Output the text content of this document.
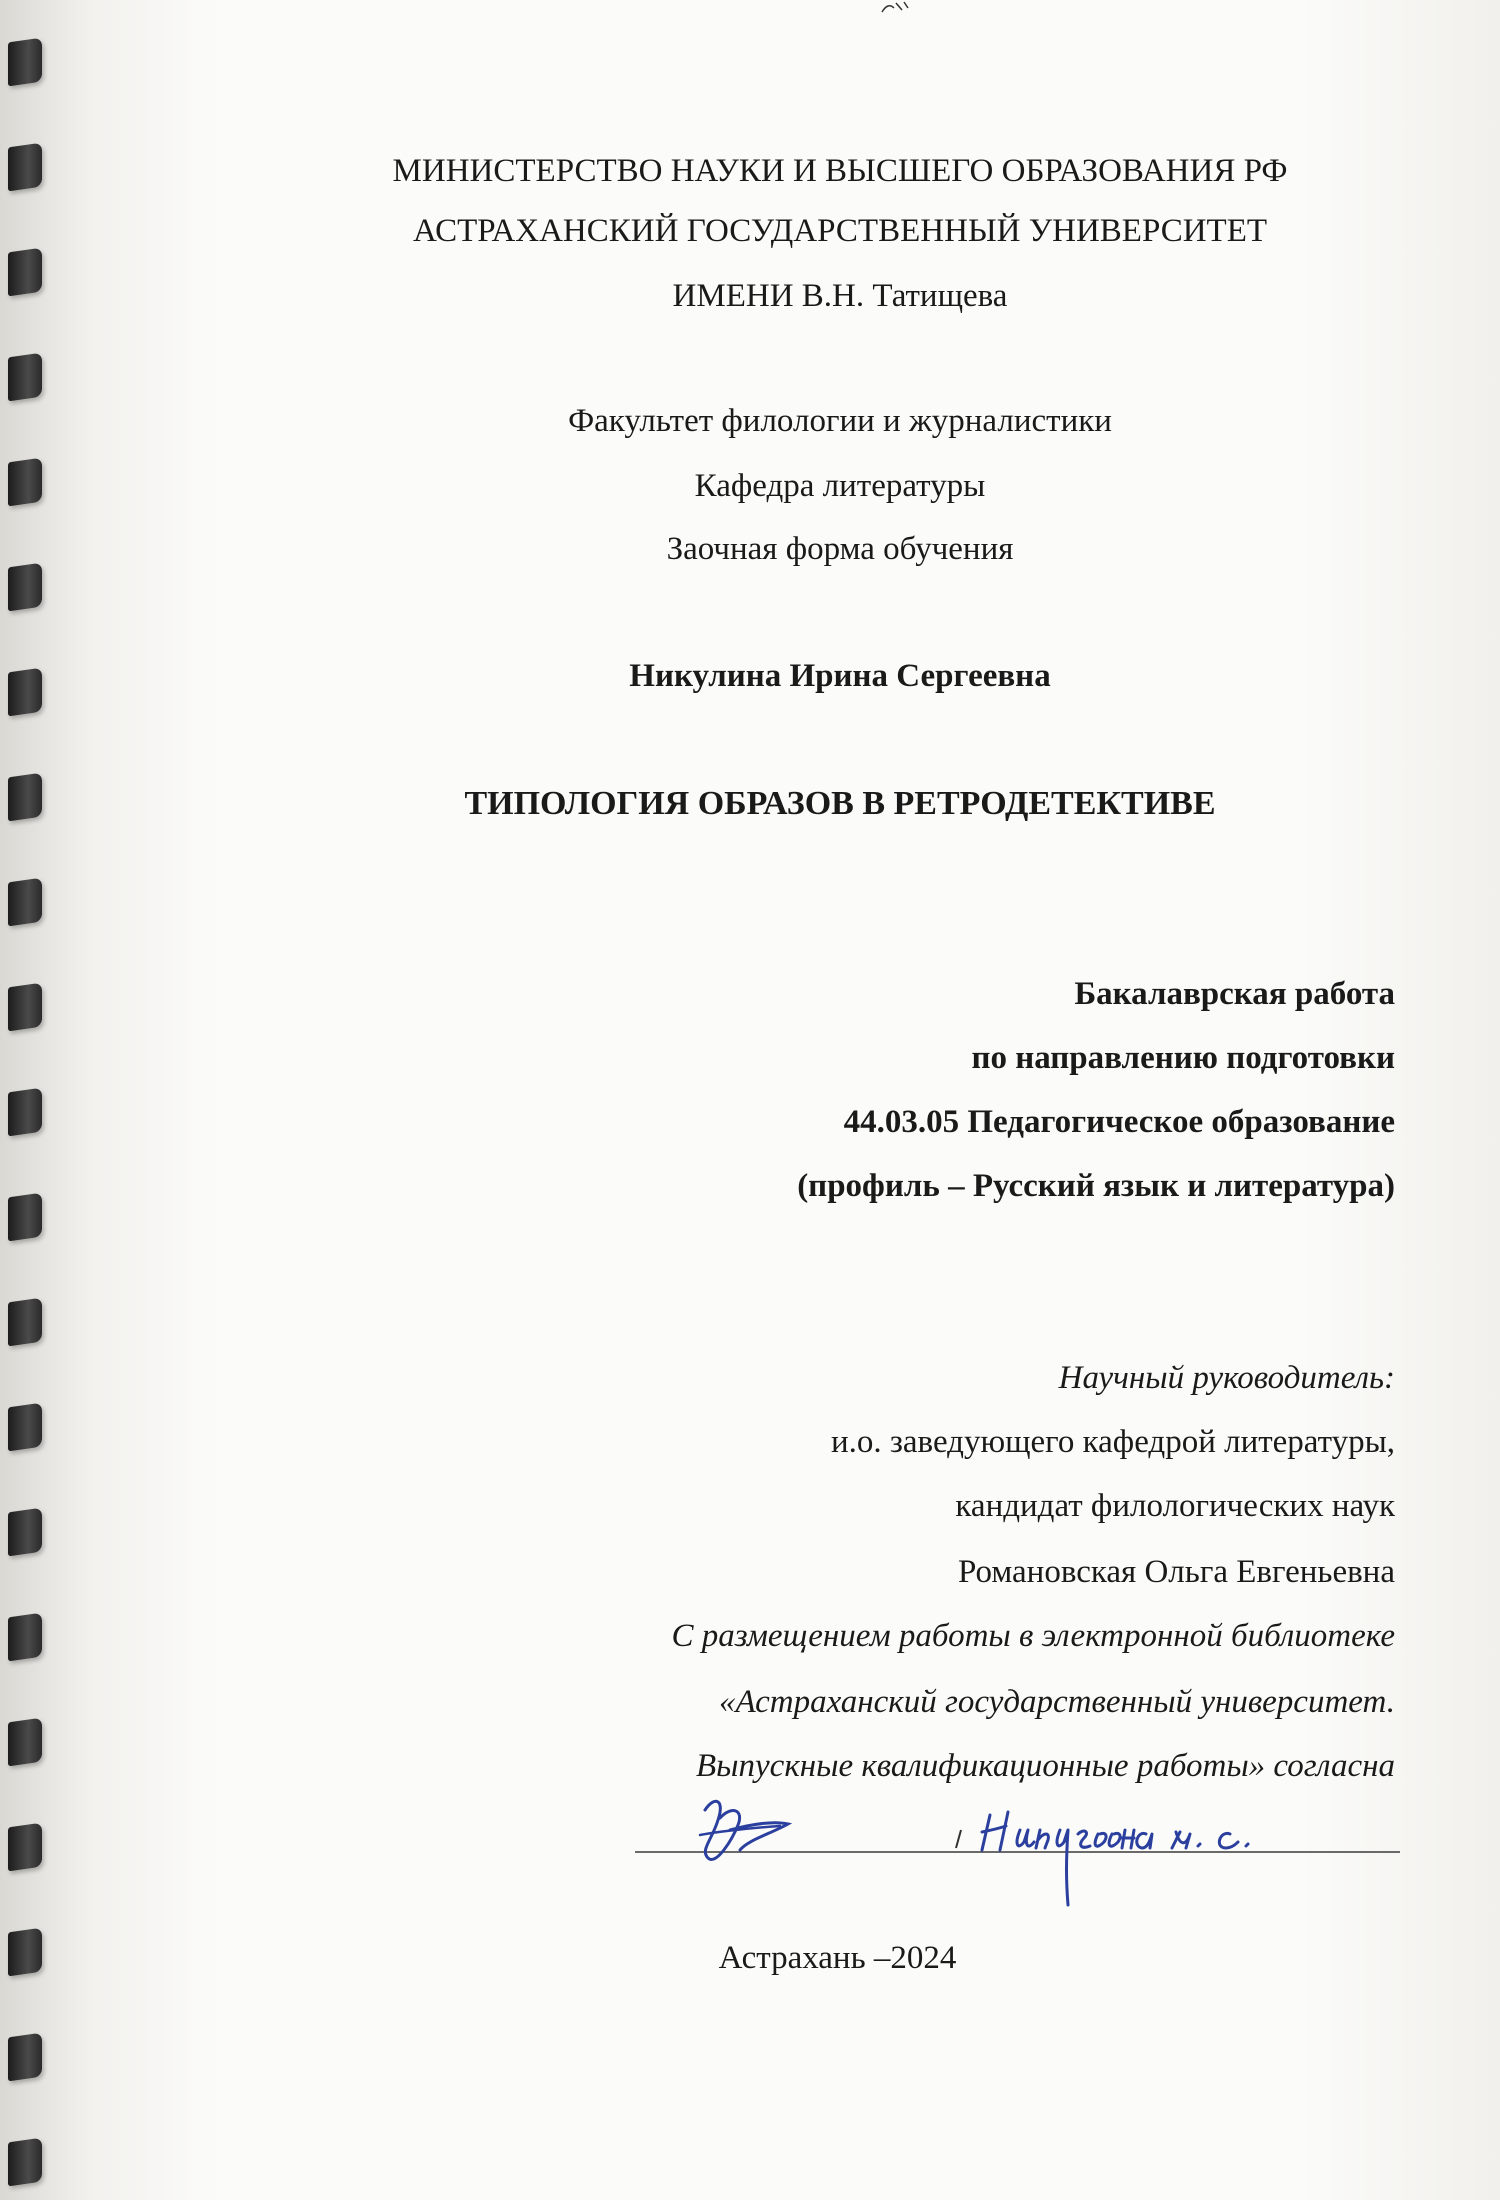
МИНИСТЕРСТВО НАУКИ И ВЫСШЕГО ОБРАЗОВАНИЯ РФ
АСТРАХАНСКИЙ ГОСУДАРСТВЕННЫЙ УНИВЕРСИТЕТ
ИМЕНИ В.Н. Татищева
Факультет филологии и журналистики
Кафедра литературы
Заочная форма обучения
Никулина Ирина Сергеевна
ТИПОЛОГИЯ ОБРАЗОВ В РЕТРОДЕТЕКТИВЕ
Бакалаврская работа
по направлению подготовки
44.03.05 Педагогическое образование
(профиль – Русский язык и литература)
Научный руководитель:
и.о. заведующего кафедрой литературы,
кандидат филологических наук
Романовская Ольга Евгеньевна
С размещением работы в электронной библиотеке
«Астраханский государственный университет.
Выпускные квалификационные работы» согласна
Астрахань –2024
